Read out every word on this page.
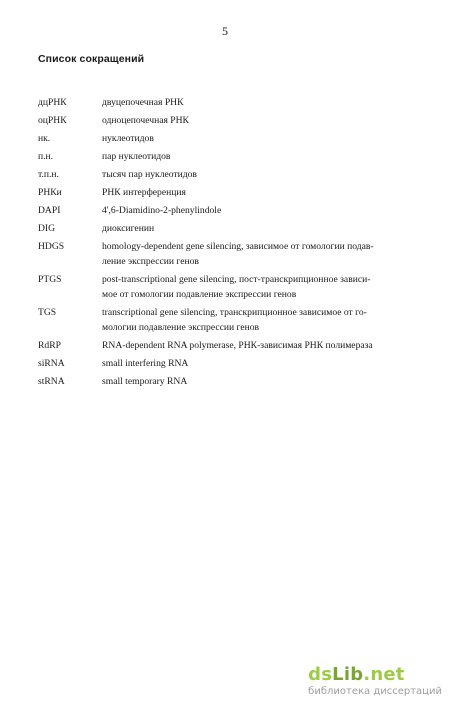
5
Список сокращений
дцРНК	двуцепочечная РНК
оцРНК	одноцепочечная РНК
нк.	нуклеотидов
п.н.	пар нуклеотидов
т.п.н.	тысяч пар нуклеотидов
РНКи	РНК интерференция
DAPI	4',6-Diamidino-2-phenylindole
DIG	диоксигенин
HDGS	homology-dependent gene silencing, зависимое от гомологии подав-
ление экспрессии генов
PTGS	post-transcriptional gene silencing, пост-транскрипционное зависи-
мое от гомологии подавление экспрессии генов
TGS	transcriptional gene silencing, транскрипционное зависимое от го-
мологии подавление экспрессии генов
RdRP	RNA-dependent RNA polymerase, РНК-зависимая РНК полимераза
siRNA	small interfering RNA
stRNA	small temporary RNA
dsLib.net
библиотека диссертаций
